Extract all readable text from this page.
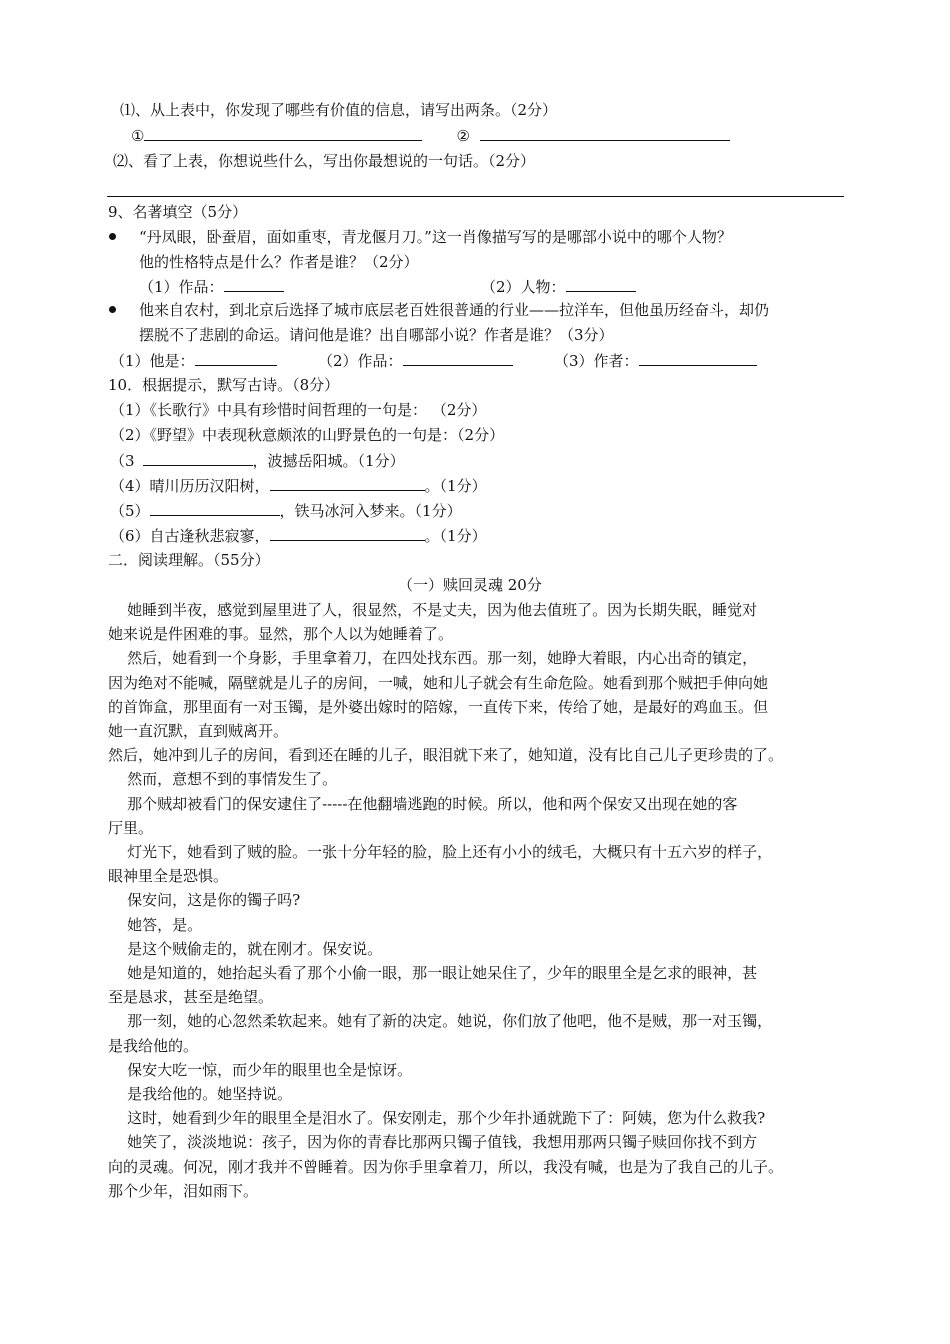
⑴、从上表中，你发现了哪些有价值的信息，请写出两条。（2分）
①	②
⑵、看了上表，你想说些什么，写出你最想说的一句话。（2分）
9、名著填空（5分）
“丹凤眼，卧蚕眉，面如重枣，青龙偃月刀。”这一肖像描写写的是哪部小说中的哪个人物？
他的性格特点是什么？作者是谁？（2分）
（1）作品：	（2）人物：
他来自农村，到北京后选择了城市底层老百姓很普通的行业——拉洋车，但他虽历经奋斗，却仍
摆脱不了悲剧的命运。请问他是谁？出自哪部小说？作者是谁？（3分）
（1）他是：	（2）作品：	（3）作者：
10．根据提示，默写古诗。（8分）
（1）《长歌行》中具有珍惜时间哲理的一句是： （2分）
（2）《野望》中表现秋意颇浓的山野景色的一句是：（2分）
（3	，波撼岳阳城。（1分）
（4）晴川历历汉阳树，	。（1分）
（5）	，铁马冰河入梦来。（1分）
（6）自古逢秋悲寂寥，	。（1分）
二．阅读理解。（55分）
（一）赎回灵魂 20分
她睡到半夜，感觉到屋里进了人，很显然，不是丈夫，因为他去值班了。因为长期失眠，睡觉对
她来说是件困难的事。显然，那个人以为她睡着了。
然后，她看到一个身影，手里拿着刀，在四处找东西。那一刻，她睁大着眼，内心出奇的镇定，
因为绝对不能喊，隔壁就是儿子的房间，一喊，她和儿子就会有生命危险。她看到那个贼把手伸向她
的首饰盒，那里面有一对玉镯，是外婆出嫁时的陪嫁，一直传下来，传给了她，是最好的鸡血玉。但
她一直沉默，直到贼离开。
然后，她冲到儿子的房间，看到还在睡的儿子，眼泪就下来了，她知道，没有比自己儿子更珍贵的了。
然而，意想不到的事情发生了。
那个贼却被看门的保安逮住了-----在他翻墙逃跑的时候。所以，他和两个保安又出现在她的客
厅里。
灯光下，她看到了贼的脸。一张十分年轻的脸，脸上还有小小的绒毛，大概只有十五六岁的样子，
眼神里全是恐惧。
保安问，这是你的镯子吗?
她答，是。
是这个贼偷走的，就在刚才。保安说。
她是知道的，她抬起头看了那个小偷一眼，那一眼让她呆住了，少年的眼里全是乞求的眼神，甚
至是恳求，甚至是绝望。
那一刻，她的心忽然柔软起来。她有了新的决定。她说，你们放了他吧，他不是贼，那一对玉镯，
是我给他的。
保安大吃一惊，而少年的眼里也全是惊讶。
是我给他的。她坚持说。
这时，她看到少年的眼里全是泪水了。保安刚走，那个少年扑通就跪下了：阿姨，您为什么救我?
她笑了，淡淡地说：孩子，因为你的青春比那两只镯子值钱，我想用那两只镯子赎回你找不到方
向的灵魂。何况，刚才我并不曾睡着。因为你手里拿着刀，所以，我没有喊，也是为了我自己的儿子。
那个少年，泪如雨下。
